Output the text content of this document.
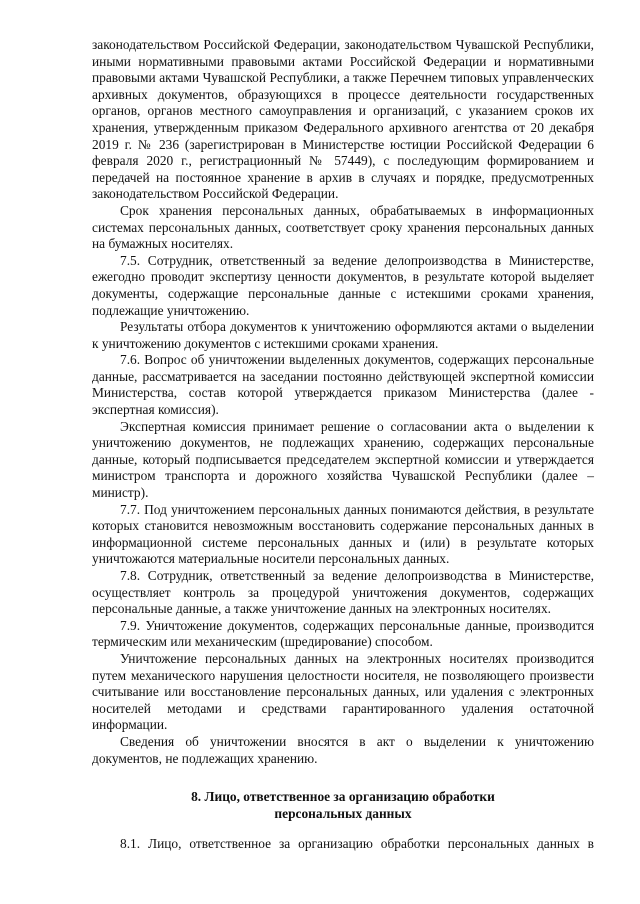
законодательством Российской Федерации, законодательством Чувашской Республики, иными нормативными правовыми актами Российской Федерации и нормативными правовыми актами Чувашской Республики, а также Перечнем типовых управленческих архивных документов, образующихся в процессе деятельности государственных органов, органов местного самоуправления и организаций, с указанием сроков их хранения, утвержденным приказом Федерального архивного агентства от 20 декабря 2019 г. № 236 (зарегистрирован в Министерстве юстиции Российской Федерации 6 февраля 2020 г., регистрационный № 57449), с последующим формированием и передачей на постоянное хранение в архив в случаях и порядке, предусмотренных законодательством Российской Федерации.

Срок хранения персональных данных, обрабатываемых в информационных системах персональных данных, соответствует сроку хранения персональных данных на бумажных носителях.

7.5. Сотрудник, ответственный за ведение делопроизводства в Министерстве, ежегодно проводит экспертизу ценности документов, в результате которой выделяет документы, содержащие персональные данные с истекшими сроками хранения, подлежащие уничтожению.

Результаты отбора документов к уничтожению оформляются актами о выделении к уничтожению документов с истекшими сроками хранения.

7.6. Вопрос об уничтожении выделенных документов, содержащих персональные данные, рассматривается на заседании постоянно действующей экспертной комиссии Министерства, состав которой утверждается приказом Министерства (далее - экспертная комиссия).

Экспертная комиссия принимает решение о согласовании акта о выделении к уничтожению документов, не подлежащих хранению, содержащих персональные данные, который подписывается председателем экспертной комиссии и утверждается министром транспорта и дорожного хозяйства Чувашской Республики (далее – министр).

7.7. Под уничтожением персональных данных понимаются действия, в результате которых становится невозможным восстановить содержание персональных данных в информационной системе персональных данных и (или) в результате которых уничтожаются материальные носители персональных данных.

7.8. Сотрудник, ответственный за ведение делопроизводства в Министерстве, осуществляет контроль за процедурой уничтожения документов, содержащих персональные данные, а также уничтожение данных на электронных носителях.

7.9. Уничтожение документов, содержащих персональные данные, производится термическим или механическим (шредирование) способом.

Уничтожение персональных данных на электронных носителях производится путем механического нарушения целостности носителя, не позволяющего произвести считывание или восстановление персональных данных, или удаления с электронных носителей методами и средствами гарантированного удаления остаточной информации.

Сведения об уничтожении вносятся в акт о выделении к уничтожению документов, не подлежащих хранению.

8. Лицо, ответственное за организацию обработки
персональных данных

8.1. Лицо, ответственное за организацию обработки персональных данных в
